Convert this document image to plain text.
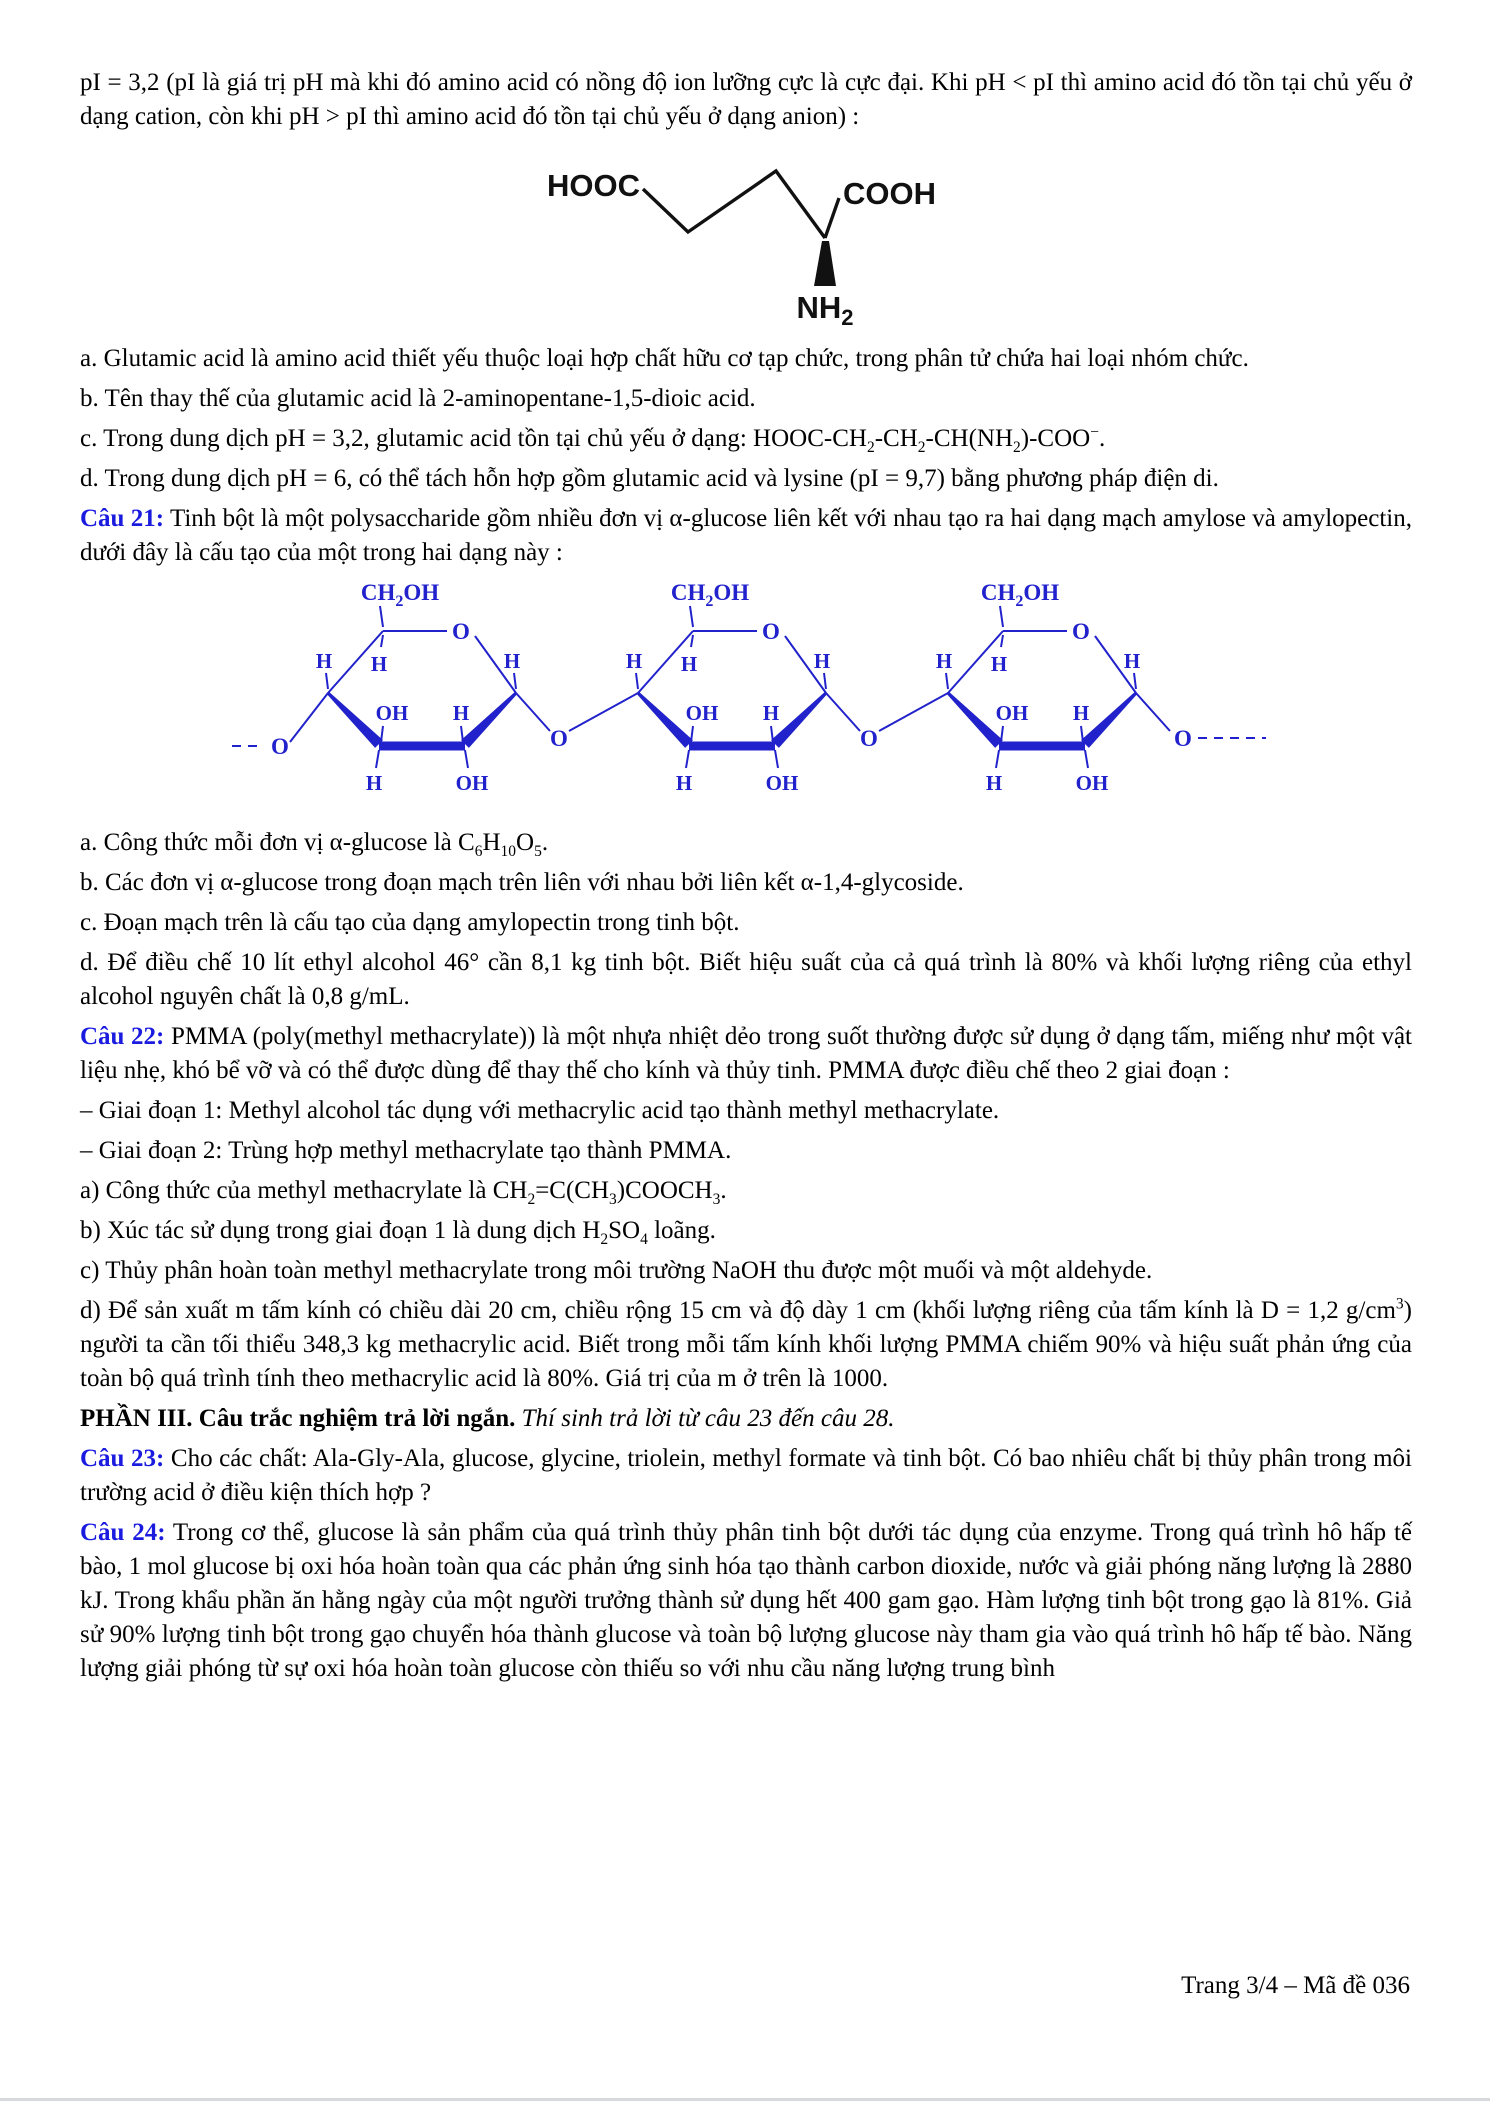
pI = 3,2 (pI là giá trị pH mà khi đó amino acid có nồng độ ion lưỡng cực là cực đại. Khi pH < pI thì amino acid đó tồn tại chủ yếu ở dạng cation, còn khi pH > pI thì amino acid đó tồn tại chủ yếu ở dạng anion) :

HOOC	COOH
$NH_2$

a. Glutamic acid là amino acid thiết yếu thuộc loại hợp chất hữu cơ tạp chức, trong phân tử chứa hai loại nhóm chức.

b. Tên thay thế của glutamic acid là 2-aminopentane-1,5-dioic acid.

c. Trong dung dịch pH = 3,2, glutamic acid tồn tại chủ yếu ở dạng: HOOC-$CH_2-CH_2-CH(NH_2)-COO^-$.

d. Trong dung dịch pH = 6, có thể tách hỗn hợp gồm glutamic acid và lysine (pI = 9,7) bằng phương pháp điện di.

Câu 21: Tinh bột là một polysaccharide gồm nhiều đơn vị α-glucose liên kết với nhau tạo ra hai dạng mạch amylose và amylopectin, dưới đây là cấu tạo của một trong hai dạng này :

$CH_2OH$
O
H H	H
H
OH
OH
H
$CH_2OH$
O
H H	H
H
OH
OH
H
$CH_2OH$
O
H H	H
H
OH
OH
H
O	O
O	O

a. Công thức mỗi đơn vị α-glucose là $C_6H_{10}O_5$.

b. Các đơn vị α-glucose trong đoạn mạch trên liên với nhau bởi liên kết α-1,4-glycoside.

c. Đoạn mạch trên là cấu tạo của dạng amylopectin trong tinh bột.

d. Để điều chế 10 lít ethyl alcohol 46° cần 8,1 kg tinh bột. Biết hiệu suất của cả quá trình là 80% và khối lượng riêng của ethyl alcohol nguyên chất là 0,8 g/mL.

Câu 22: PMMA (poly(methyl methacrylate)) là một nhựa nhiệt dẻo trong suốt thường được sử dụng ở dạng tấm, miếng như một vật liệu nhẹ, khó bể vỡ và có thể được dùng để thay thế cho kính và thủy tinh. PMMA được điều chế theo 2 giai đoạn :

– Giai đoạn 1: Methyl alcohol tác dụng với methacrylic acid tạo thành methyl methacrylate.

– Giai đoạn 2: Trùng hợp methyl methacrylate tạo thành PMMA.

a) Công thức của methyl methacrylate là $CH_2=C(CH_3)COOCH_3$.

b) Xúc tác sử dụng trong giai đoạn 1 là dung dịch $H_2SO_4$ loãng.

c) Thủy phân hoàn toàn methyl methacrylate trong môi trường NaOH thu được một muối và một aldehyde.

d) Để sản xuất m tấm kính có chiều dài 20 cm, chiều rộng 15 cm và độ dày 1 cm (khối lượng riêng của tấm kính là D = 1,2 $g/cm^3$) người ta cần tối thiểu 348,3 kg methacrylic acid. Biết trong mỗi tấm kính khối lượng PMMA chiếm 90% và hiệu suất phản ứng của toàn bộ quá trình tính theo methacrylic acid là 80%. Giá trị của m ở trên là 1000.

PHẦN III. Câu trắc nghiệm trả lời ngắn. Thí sinh trả lời từ câu 23 đến câu 28.

Câu 23: Cho các chất: Ala-Gly-Ala, glucose, glycine, triolein, methyl formate và tinh bột. Có bao nhiêu chất bị thủy phân trong môi trường acid ở điều kiện thích hợp ?

Câu 24: Trong cơ thể, glucose là sản phẩm của quá trình thủy phân tinh bột dưới tác dụng của enzyme. Trong quá trình hô hấp tế bào, 1 mol glucose bị oxi hóa hoàn toàn qua các phản ứng sinh hóa tạo thành carbon dioxide, nước và giải phóng năng lượng là 2880 kJ. Trong khẩu phần ăn hằng ngày của một người trưởng thành sử dụng hết 400 gam gạo. Hàm lượng tinh bột trong gạo là 81%. Giả sử 90% lượng tinh bột trong gạo chuyển hóa thành glucose và toàn bộ lượng glucose này tham gia vào quá trình hô hấp tế bào. Năng lượng giải phóng từ sự oxi hóa hoàn toàn glucose còn thiếu so với nhu cầu năng lượng trung bình

Trang 3/4 – Mã đề 036
